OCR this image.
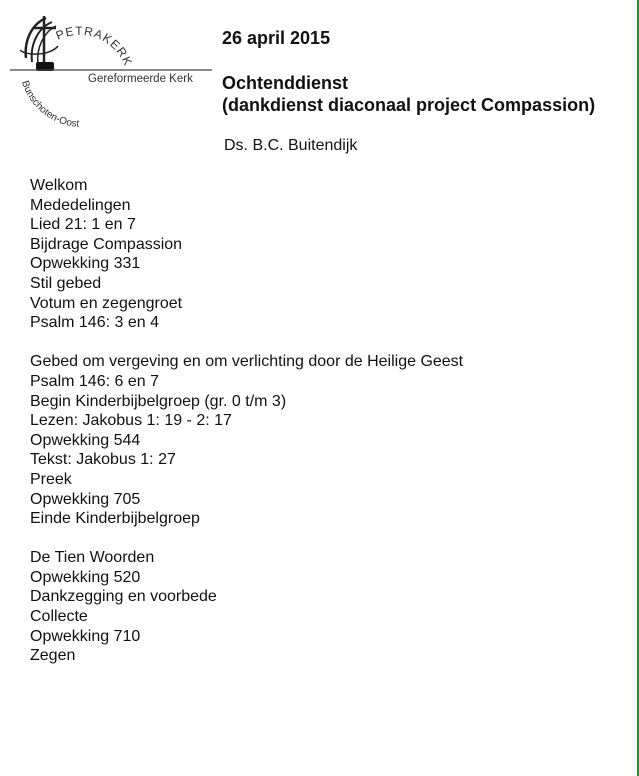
PETRAKERK
Bunschoten-Oost
Gereformeerde Kerk
26 april 2015
Ochtenddienst
(dankdienst diaconaal project Compassion)
Ds. B.C. Buitendijk
Welkom
Mededelingen
Lied 21: 1 en 7
Bijdrage Compassion
Opwekking 331
Stil gebed
Votum en zegengroet
Psalm 146: 3 en 4
Gebed om vergeving en om verlichting door de Heilige Geest
Psalm 146: 6 en 7
Begin Kinderbijbelgroep (gr. 0 t/m 3)
Lezen: Jakobus 1: 19 - 2: 17
Opwekking 544
Tekst: Jakobus 1: 27
Preek
Opwekking 705
Einde Kinderbijbelgroep
De Tien Woorden
Opwekking 520
Dankzegging en voorbede
Collecte
Opwekking 710
Zegen
